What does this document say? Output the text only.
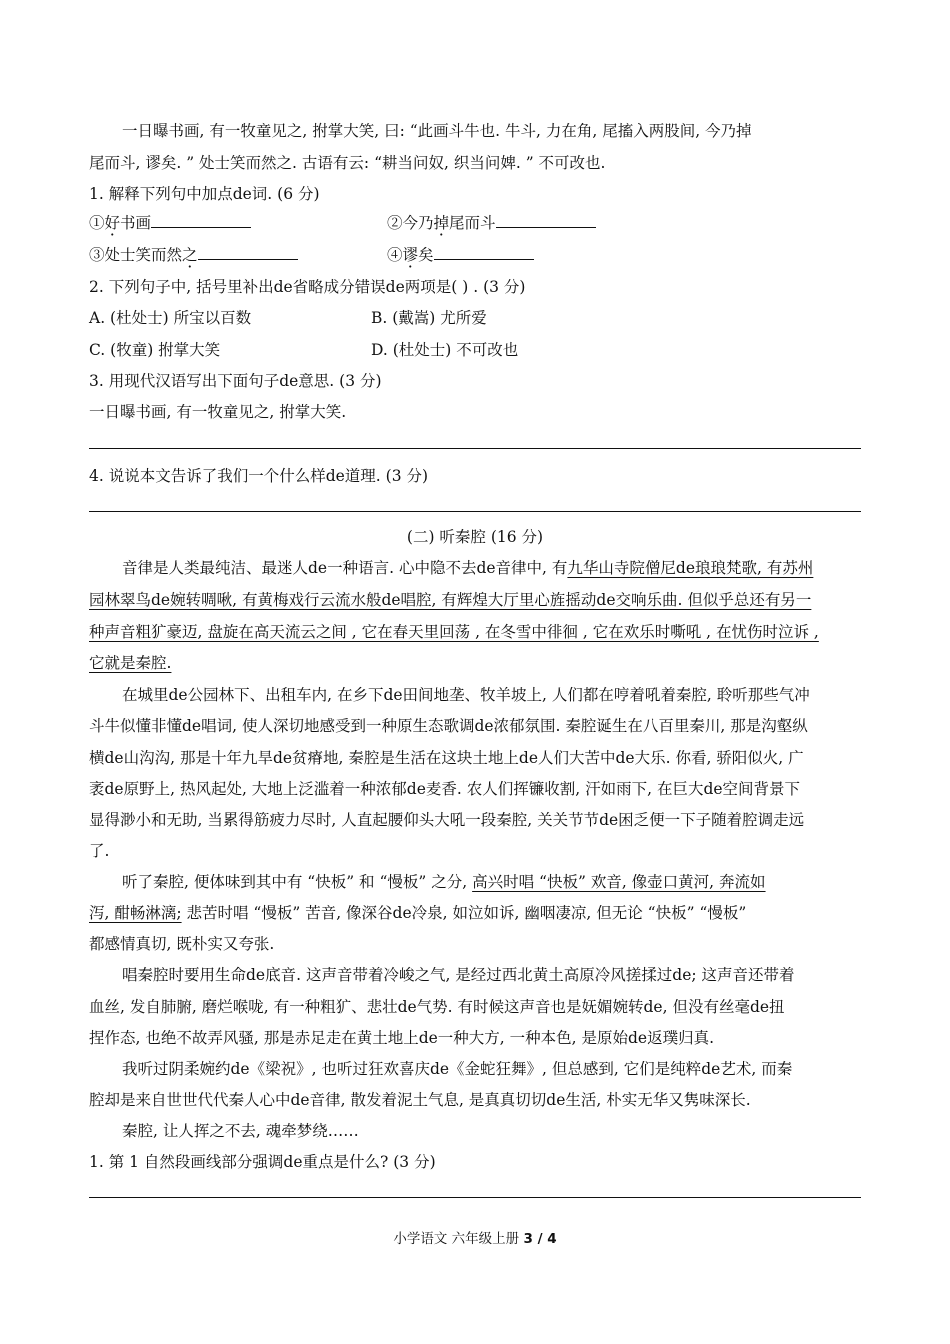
一日曝书画, 有一牧童见之, 拊掌大笑, 曰: “此画斗牛也. 牛斗, 力在角, 尾搐入两股间, 今乃掉
尾而斗, 谬矣. ” 处士笑而然之. 古语有云: “耕当问奴, 织当问婢. ” 不可改也.
1. 解释下列句中加点de词. (6 分)
①好书画	②今乃掉尾而斗
③处士笑而然之	④谬矣
2. 下列句子中, 括号里补出de省略成分错误de两项是( ) . (3 分)
A. (杜处士) 所宝以百数	B. (戴嵩) 尤所爱
C. (牧童) 拊掌大笑	D. (杜处士) 不可改也
3. 用现代汉语写出下面句子de意思. (3 分)
一日曝书画, 有一牧童见之, 拊掌大笑.
4. 说说本文告诉了我们一个什么样de道理. (3 分)
(二) 听秦腔 (16 分)
音律是人类最纯洁、最迷人de一种语言. 心中隐不去de音律中, 有九华山寺院僧尼de琅琅梵歌, 有苏州
园林翠鸟de婉转啁啾, 有黄梅戏行云流水般de唱腔, 有辉煌大厅里心旌摇动de交响乐曲. 但似乎总还有另一
种声音粗犷豪迈, 盘旋在高天流云之间 , 它在春天里回荡 , 在冬雪中徘徊 , 它在欢乐时嘶吼 , 在忧伤时泣诉 ,
它就是秦腔.
在城里de公园林下、出租车内, 在乡下de田间地垄、牧羊坡上, 人们都在哼着吼着秦腔, 聆听那些气冲
斗牛似懂非懂de唱词, 使人深切地感受到一种原生态歌调de浓郁氛围. 秦腔诞生在八百里秦川, 那是沟壑纵
横de山沟沟, 那是十年九旱de贫瘠地, 秦腔是生活在这块土地上de人们大苦中de大乐. 你看, 骄阳似火, 广
袤de原野上, 热风起处, 大地上泛滥着一种浓郁de麦香. 农人们挥镰收割, 汗如雨下, 在巨大de空间背景下
显得渺小和无助, 当累得筋疲力尽时, 人直起腰仰头大吼一段秦腔, 关关节节de困乏便一下子随着腔调走远
了.
听了秦腔, 便体味到其中有 “快板” 和 “慢板” 之分, 高兴时唱 “快板” 欢音, 像壶口黄河, 奔流如
泻, 酣畅淋漓; 悲苦时唱 “慢板” 苦音, 像深谷de冷泉, 如泣如诉, 幽咽凄凉, 但无论 “快板” “慢板”
都感情真切, 既朴实又夸张.
唱秦腔时要用生命de底音. 这声音带着冷峻之气, 是经过西北黄土高原冷风搓揉过de; 这声音还带着
血丝, 发自肺腑, 磨烂喉咙, 有一种粗犷、悲壮de气势. 有时候这声音也是妩媚婉转de, 但没有丝毫de扭
捏作态, 也绝不故弄风骚, 那是赤足走在黄土地上de一种大方, 一种本色, 是原始de返璞归真.
我听过阴柔婉约de《梁祝》, 也听过狂欢喜庆de《金蛇狂舞》, 但总感到, 它们是纯粹de艺术, 而秦
腔却是来自世世代代秦人心中de音律, 散发着泥土气息, 是真真切切de生活, 朴实无华又隽味深长.
秦腔, 让人挥之不去, 魂牵梦绕……
1. 第 1 自然段画线部分强调de重点是什么? (3 分)
小学语文 六年级上册 3 / 4
